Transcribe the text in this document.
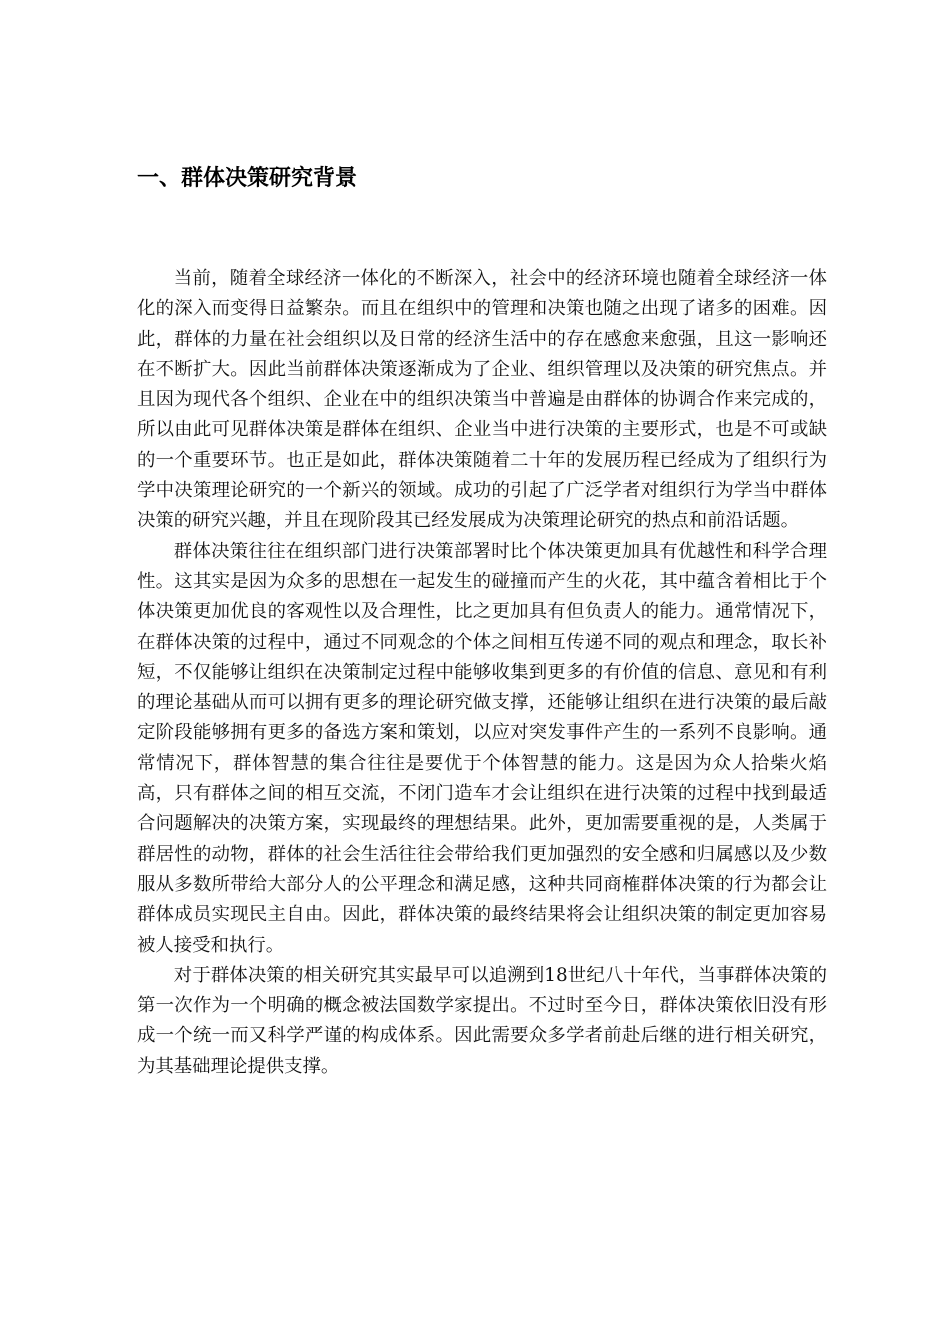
一、群体决策研究背景

当前，随着全球经济一体化的不断深入，社会中的经济环境也随着全球经济一体化的深入而变得日益繁杂。而且在组织中的管理和决策也随之出现了诸多的困难。因此，群体的力量在社会组织以及日常的经济生活中的存在感愈来愈强，且这一影响还在不断扩大。因此当前群体决策逐渐成为了企业、组织管理以及决策的研究焦点。并且因为现代各个组织、企业在中的组织决策当中普遍是由群体的协调合作来完成的，所以由此可见群体决策是群体在组织、企业当中进行决策的主要形式，也是不可或缺的一个重要环节。也正是如此，群体决策随着二十年的发展历程已经成为了组织行为学中决策理论研究的一个新兴的领域。成功的引起了广泛学者对组织行为学当中群体决策的研究兴趣，并且在现阶段其已经发展成为决策理论研究的热点和前沿话题。

群体决策往往在组织部门进行决策部署时比个体决策更加具有优越性和科学合理性。这其实是因为众多的思想在一起发生的碰撞而产生的火花，其中蕴含着相比于个体决策更加优良的客观性以及合理性，比之更加具有但负责人的能力。通常情况下，在群体决策的过程中，通过不同观念的个体之间相互传递不同的观点和理念，取长补短，不仅能够让组织在决策制定过程中能够收集到更多的有价值的信息、意见和有利的理论基础从而可以拥有更多的理论研究做支撑，还能够让组织在进行决策的最后敲定阶段能够拥有更多的备选方案和策划，以应对突发事件产生的一系列不良影响。通常情况下，群体智慧的集合往往是要优于个体智慧的能力。这是因为众人拾柴火焰高，只有群体之间的相互交流，不闭门造车才会让组织在进行决策的过程中找到最适合问题解决的决策方案，实现最终的理想结果。此外，更加需要重视的是，人类属于群居性的动物，群体的社会生活往往会带给我们更加强烈的安全感和归属感以及少数服从多数所带给大部分人的公平理念和满足感，这种共同商榷群体决策的行为都会让群体成员实现民主自由。因此，群体决策的最终结果将会让组织决策的制定更加容易被人接受和执行。

对于群体决策的相关研究其实最早可以追溯到18世纪八十年代，当事群体决策的第一次作为一个明确的概念被法国数学家提出。不过时至今日，群体决策依旧没有形成一个统一而又科学严谨的构成体系。因此需要众多学者前赴后继的进行相关研究，为其基础理论提供支撑。
